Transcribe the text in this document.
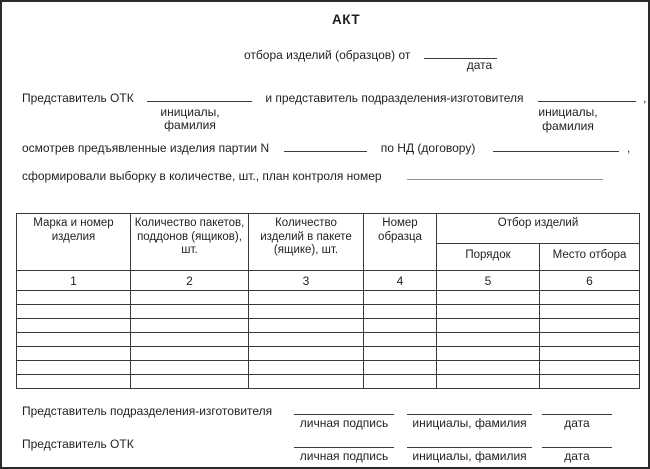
АКТ
отбора изделий (образцов) от
дата
Представитель ОТК	и представитель подразделения-изготовителя	,
инициалы, фамилия
инициалы,
фамилия
осмотрев предъявленные изделия партии N	по НД (договору)	,
сформировали выборку в количестве, шт., план контроля номер
Марка и номер изделия	Количество пакетов, поддонов (ящиков), шт.	Количество изделий в пакете (ящике), шт.	Номер образца	Отбор изделий	
				Порядок	Место отбора
1	2	3	4	5	6

Представитель подразделения-изготовителя
личная подпись	инициалы, фамилия	дата
Представитель ОТК
личная подпись	инициалы, фамилия	дата
